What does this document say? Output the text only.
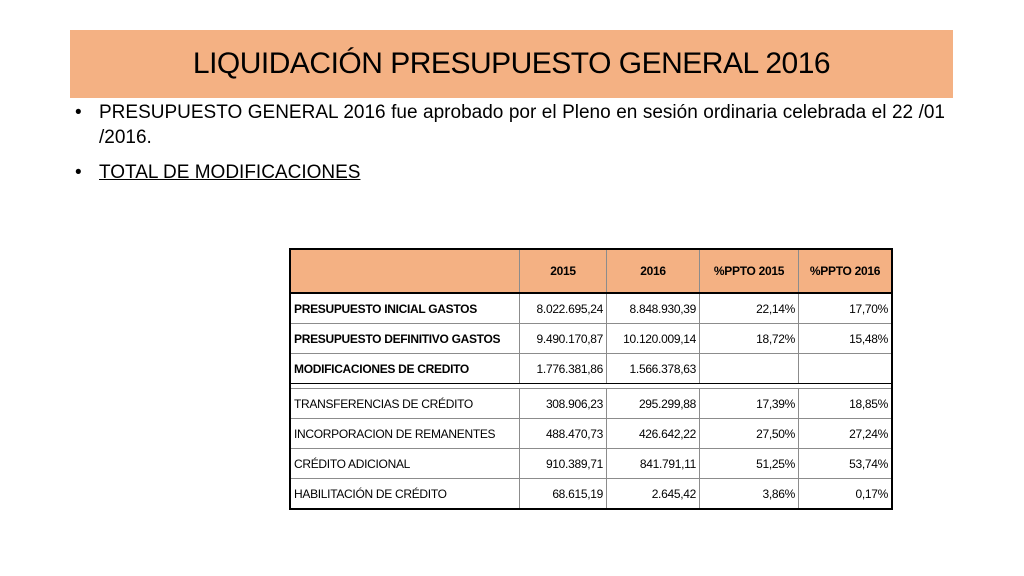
LIQUIDACIÓN PRESUPUESTO GENERAL 2016
• PRESUPUESTO GENERAL 2016 fue aprobado por el Pleno en sesión ordinaria celebrada el 22 /01 /2016.
• TOTAL DE MODIFICACIONES
	2015	2016	%PPTO 2015	%PPTO 2016
PRESUPUESTO INICIAL GASTOS	8.022.695,24	8.848.930,39	22,14%	17,70%
PRESUPUESTO DEFINITIVO GASTOS	9.490.170,87	10.120.009,14	18,72%	15,48%
MODIFICACIONES DE CREDITO	1.776.381,86	1.566.378,63		

TRANSFERENCIAS DE CRÉDITO	308.906,23	295.299,88	17,39%	18,85%
INCORPORACION DE REMANENTES	488.470,73	426.642,22	27,50%	27,24%
CRÉDITO ADICIONAL	910.389,71	841.791,11	51,25%	53,74%
HABILITACIÓN DE CRÉDITO	68.615,19	2.645,42	3,86%	0,17%
